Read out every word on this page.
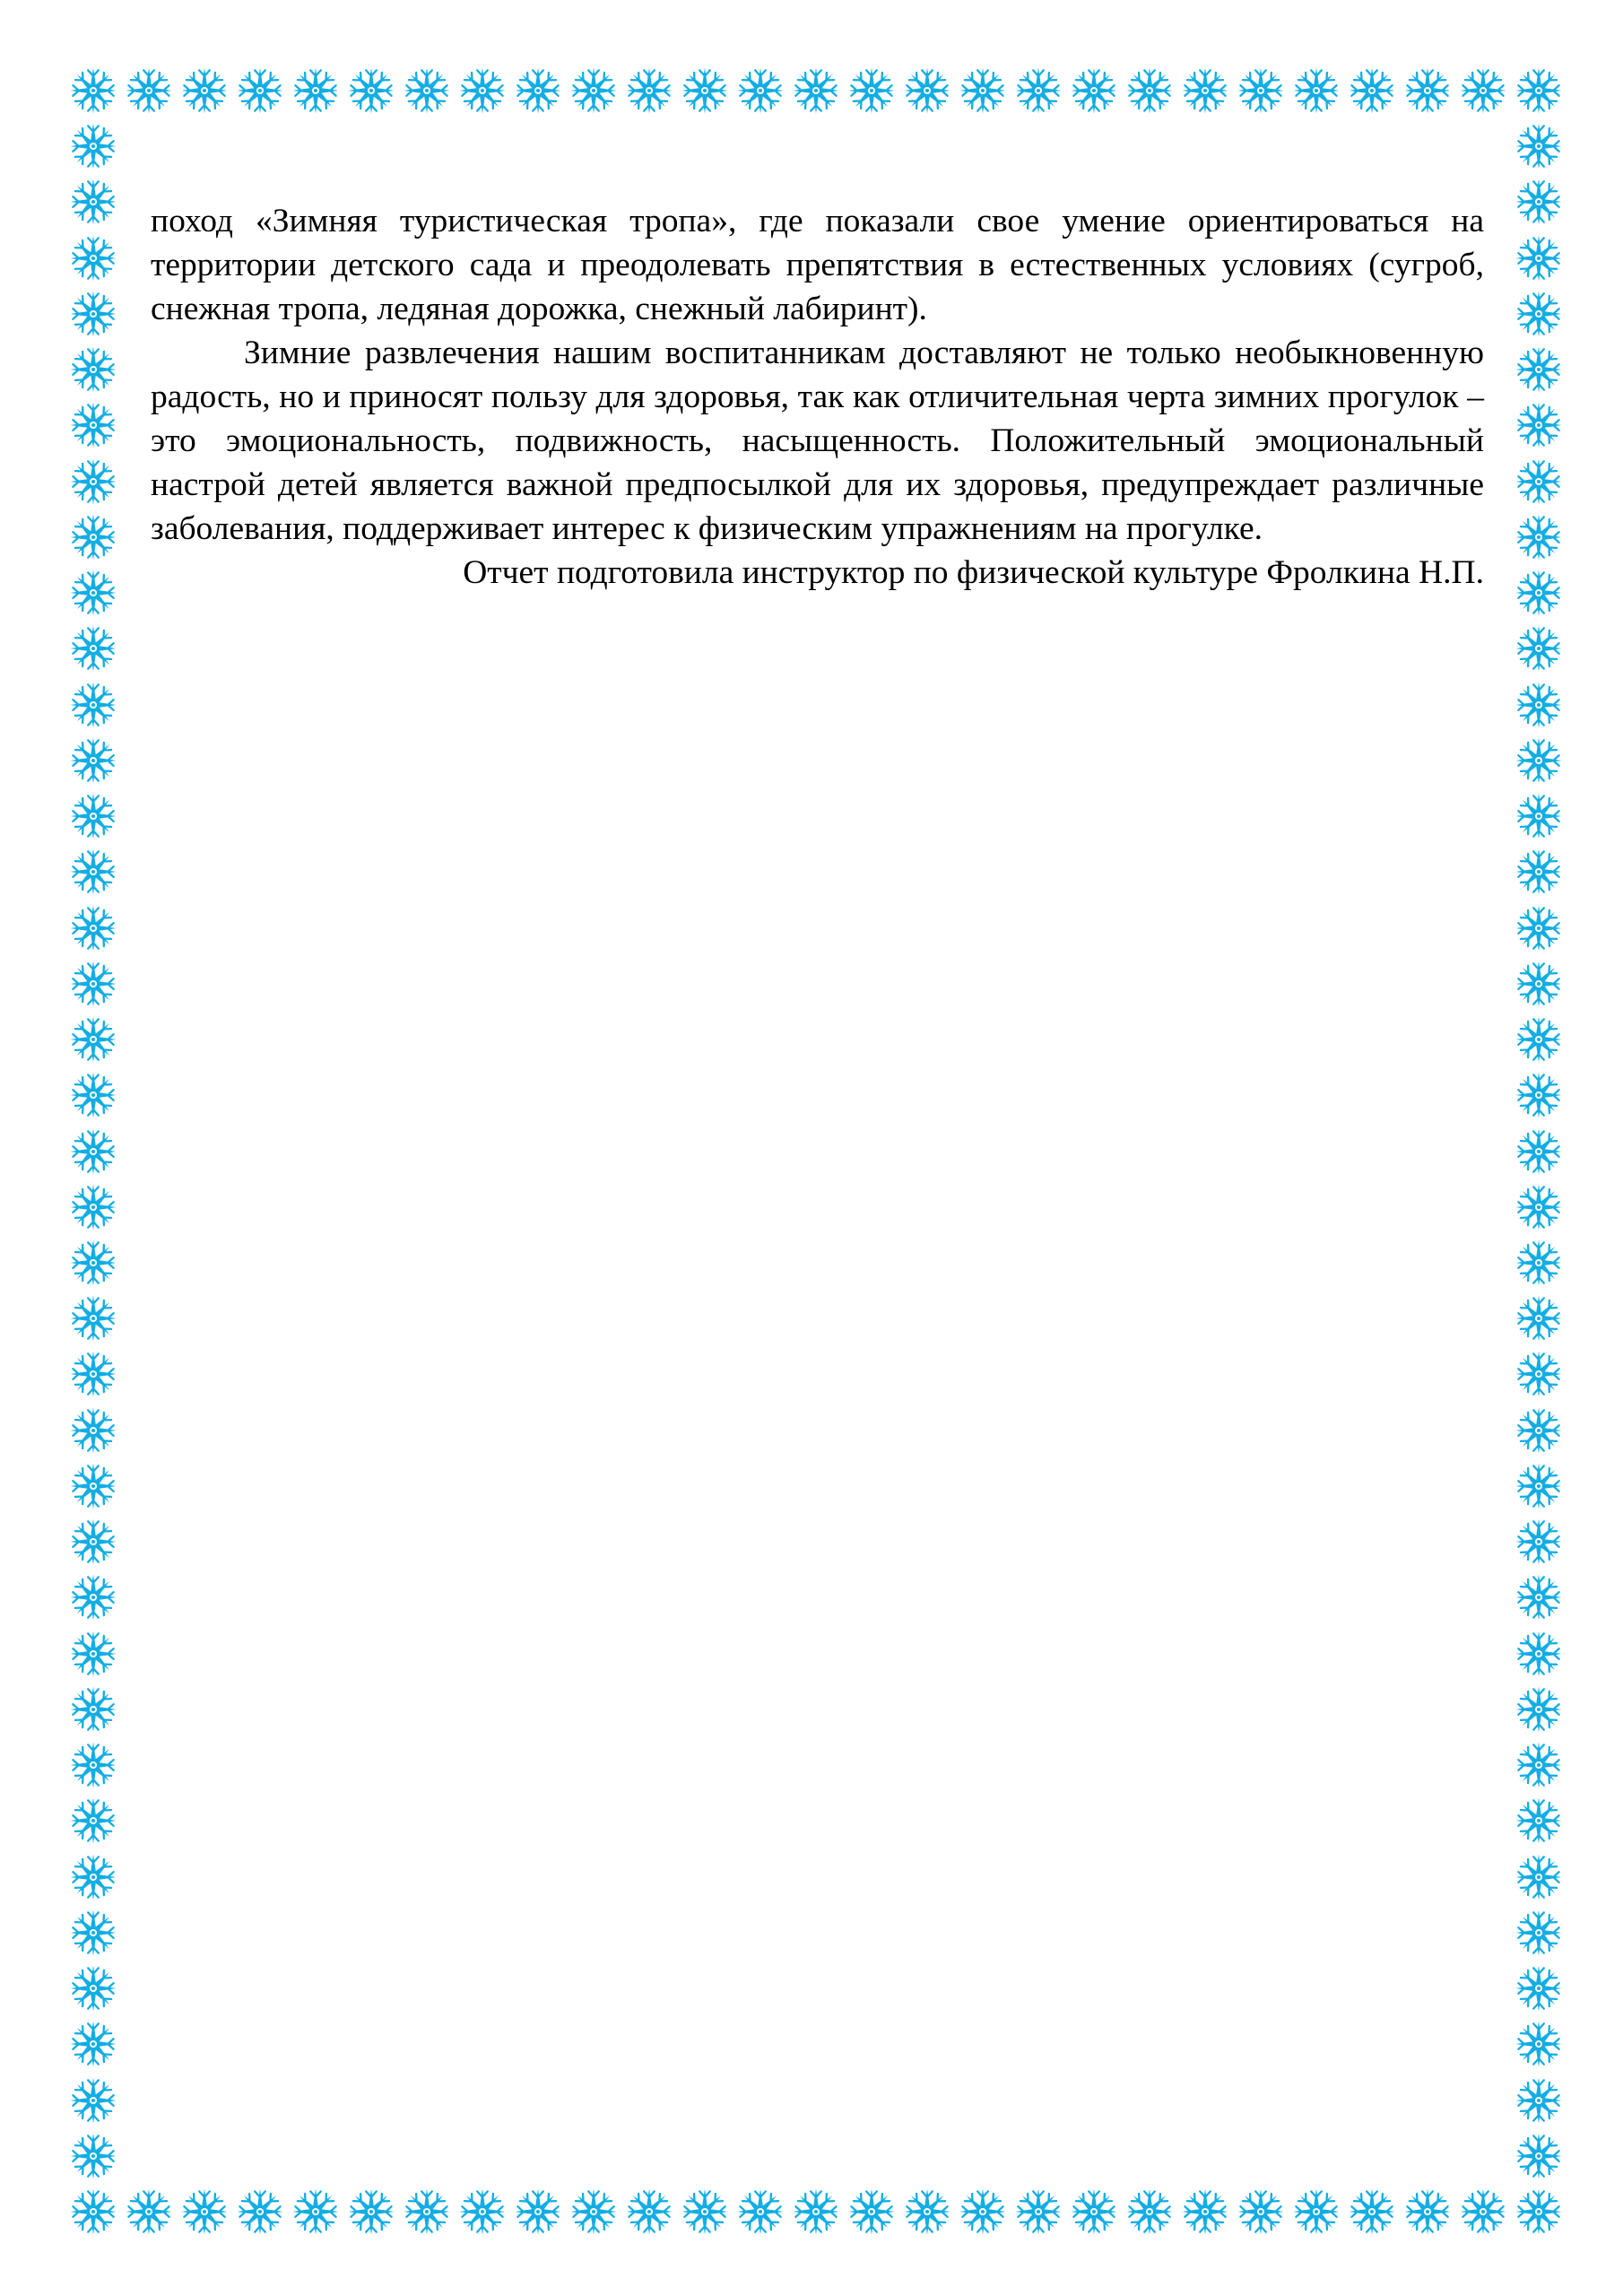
поход «Зимняя туристическая тропа», где показали свое умение ориентироваться на территории детского сада и преодолевать препятствия в естественных условиях (сугроб, снежная тропа, ледяная дорожка, снежный лабиринт).

Зимние развлечения нашим воспитанникам доставляют не только необыкновенную радость, но и приносят пользу для здоровья, так как отличительная черта зимних прогулок – это эмоциональность, подвижность, насыщенность. Положительный эмоциональный настрой детей является важной предпосылкой для их здоровья, предупреждает различные заболевания, поддерживает интерес к физическим упражнениям на прогулке.

Отчет подготовила инструктор по физической культуре Фролкина Н.П.
